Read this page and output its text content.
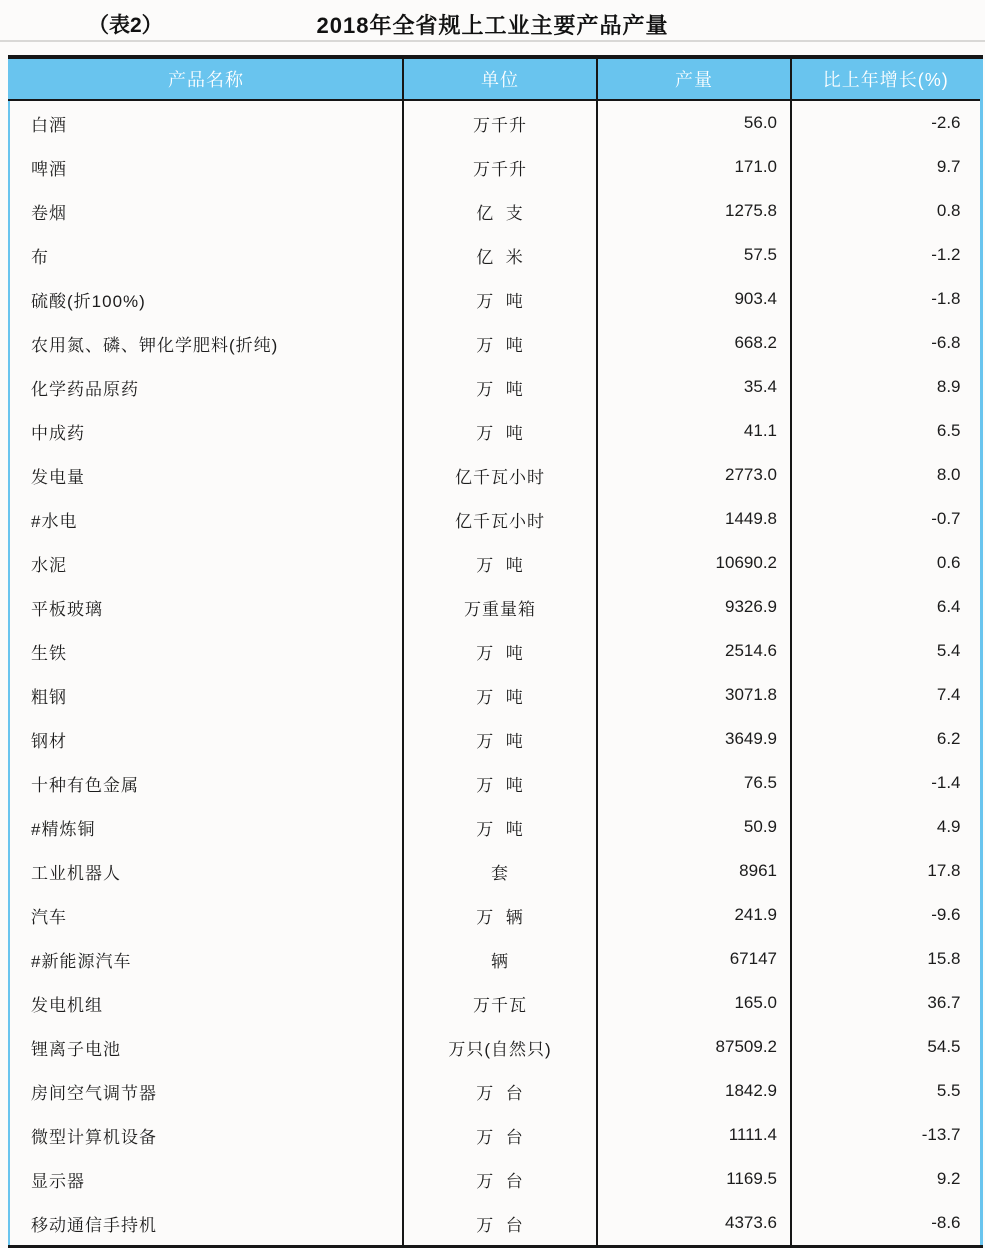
（表2）	2018年全省规上工业主要产品产量
产品名称	单位	产量	比上年增长(%)
白酒	万千升	56.0	-2.6
啤酒	万千升	171.0	9.7
卷烟	亿  支	1275.8	0.8
布	亿  米	57.5	-1.2
硫酸(折100%)	万  吨	903.4	-1.8
农用氮、磷、钾化学肥料(折纯)	万  吨	668.2	-6.8
化学药品原药	万  吨	35.4	8.9
中成药	万  吨	41.1	6.5
发电量	亿千瓦小时	2773.0	8.0
#水电	亿千瓦小时	1449.8	-0.7
水泥	万  吨	10690.2	0.6
平板玻璃	万重量箱	9326.9	6.4
生铁	万  吨	2514.6	5.4
粗钢	万  吨	3071.8	7.4
钢材	万  吨	3649.9	6.2
十种有色金属	万  吨	76.5	-1.4
#精炼铜	万  吨	50.9	4.9
工业机器人	套	8961	17.8
汽车	万  辆	241.9	-9.6
#新能源汽车	辆	67147	15.8
发电机组	万千瓦	165.0	36.7
锂离子电池	万只(自然只)	87509.2	54.5
房间空气调节器	万  台	1842.9	5.5
微型计算机设备	万  台	1111.4	-13.7
显示器	万  台	1169.5	9.2
移动通信手持机	万  台	4373.6	-8.6
